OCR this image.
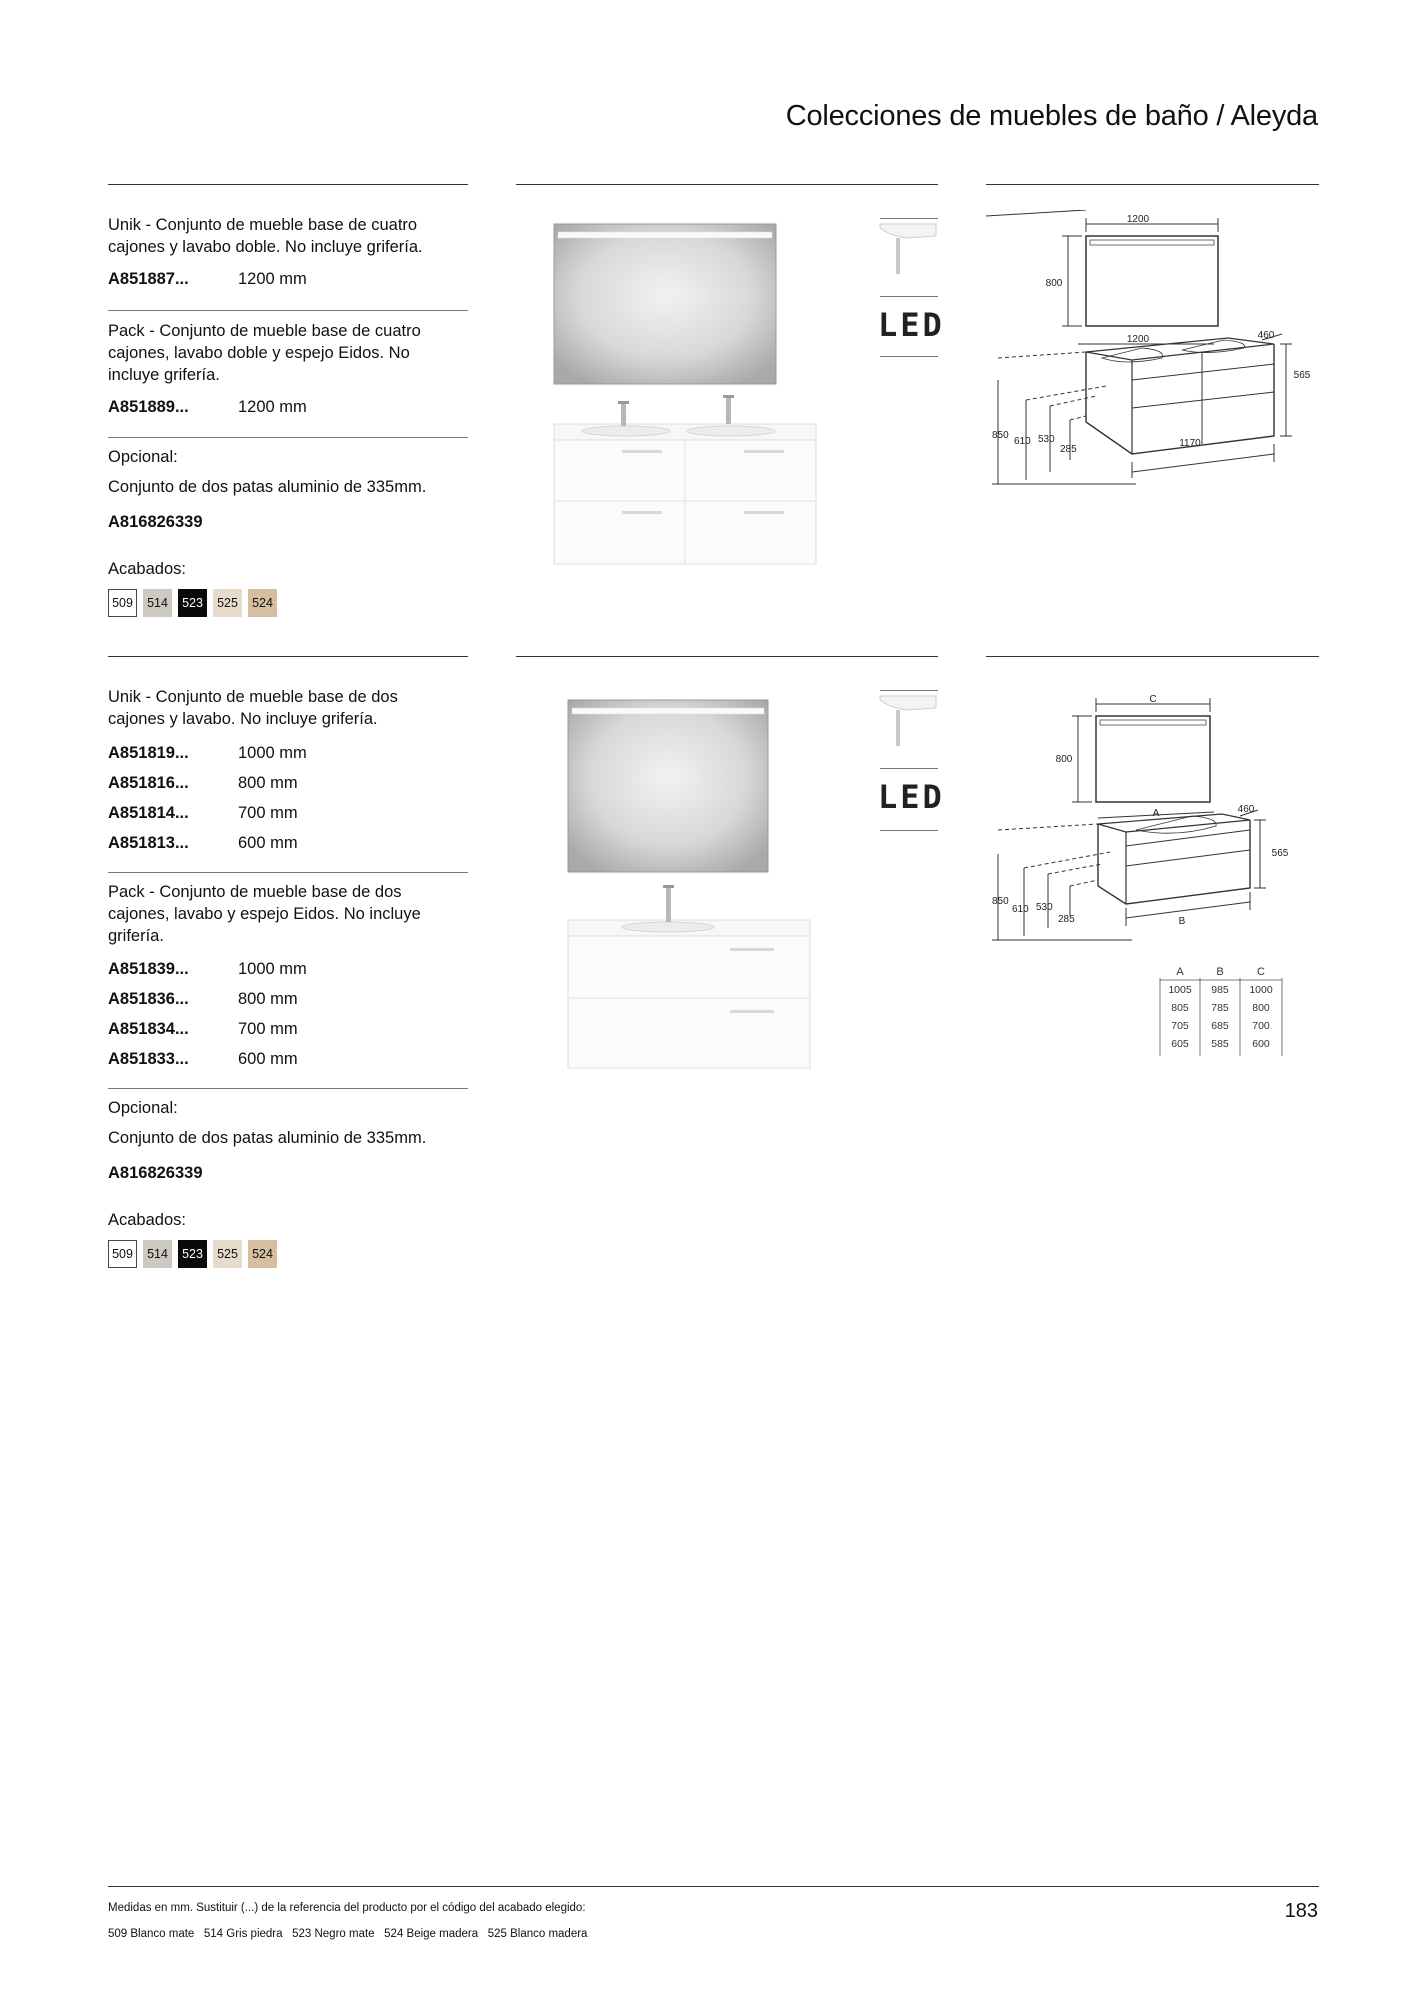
Colecciones de muebles de baño / Aleyda
Unik - Conjunto de mueble base de cuatro cajones y lavabo doble. No incluye grifería.
A851887...	1200 mm
Pack - Conjunto de mueble base de cuatro cajones, lavabo doble y espejo Eidos. No incluye grifería.
A851889...	1200 mm
Opcional:
Conjunto de dos patas aluminio de 335mm.
A816826339
Acabados:
509	514	523	525	524
LED
1200
800
1200	460
565
850
610 530
285
1170
Unik - Conjunto de mueble base de dos cajones y lavabo. No incluye grifería.
A851819...	1000 mm
A851816...	800 mm
A851814...	700 mm
A851813...	600 mm
Pack - Conjunto de mueble base de dos cajones, lavabo y espejo Eidos. No incluye grifería.
A851839...	1000 mm
A851836...	800 mm
A851834...	700 mm
A851833...	600 mm
Opcional:
Conjunto de dos patas aluminio de 335mm.
A816826339
Acabados:
509	514	523	525	524
LED
C
800
A	460
565
850
610 530
285	B
A	B	C
1005 985 1000
805 785 800
705 685 700
605 585 600
Medidas en mm. Sustituir (...) de la referencia del producto por el código del acabado elegido:
509 Blanco mate   514 Gris piedra   523 Negro mate   524 Beige madera   525 Blanco madera
183
